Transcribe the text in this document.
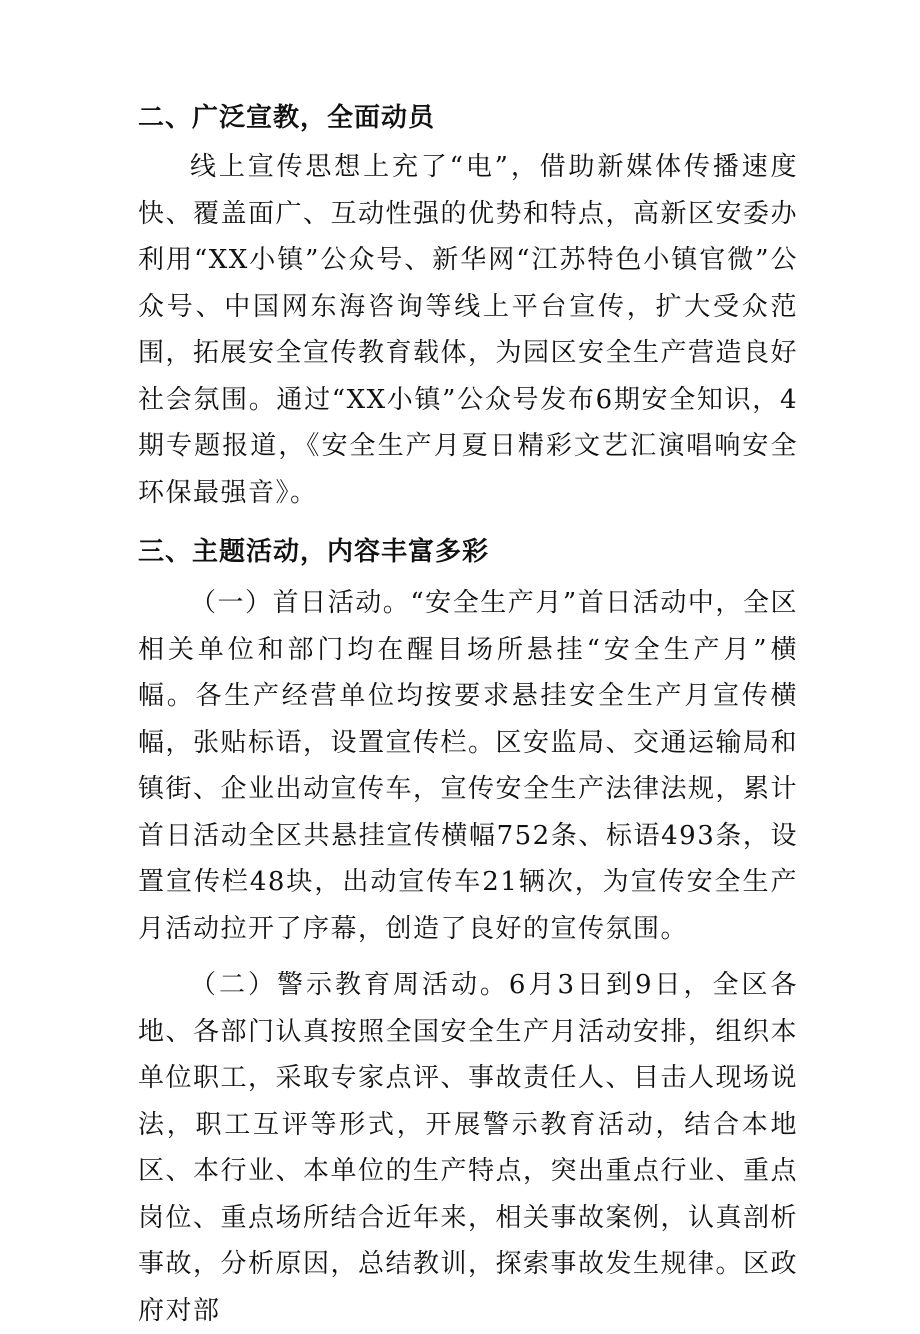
二、广泛宣教，全面动员

线上宣传思想上充了“电”，借助新媒体传播速度快、覆盖面广、互动性强的优势和特点，高新区安委办利用“XX小镇”公众号、新华网“江苏特色小镇官微”公众号、中国网东海咨询等线上平台宣传，扩大受众范围，拓展安全宣传教育载体，为园区安全生产营造良好社会氛围。通过“XX小镇”公众号发布6期安全知识，4期专题报道，《安全生产月夏日精彩文艺汇演唱响安全环保最强音》。

三、主题活动，内容丰富多彩

（一）首日活动。“安全生产月”首日活动中，全区相关单位和部门均在醒目场所悬挂“安全生产月”横幅。各生产经营单位均按要求悬挂安全生产月宣传横幅，张贴标语，设置宣传栏。区安监局、交通运输局和镇街、企业出动宣传车，宣传安全生产法律法规，累计首日活动全区共悬挂宣传横幅752条、标语493条，设置宣传栏48块，出动宣传车21辆次，为宣传安全生产月活动拉开了序幕，创造了良好的宣传氛围。

（二）警示教育周活动。6月3日到9日，全区各地、各部门认真按照全国安全生产月活动安排，组织本单位职工，采取专家点评、事故责任人、目击人现场说法，职工互评等形式，开展警示教育活动，结合本地区、本行业、本单位的生产特点，突出重点行业、重点岗位、重点场所结合近年来，相关事故案例，认真剖析事故，分析原因，总结教训，探索事故发生规律。区政府对部
